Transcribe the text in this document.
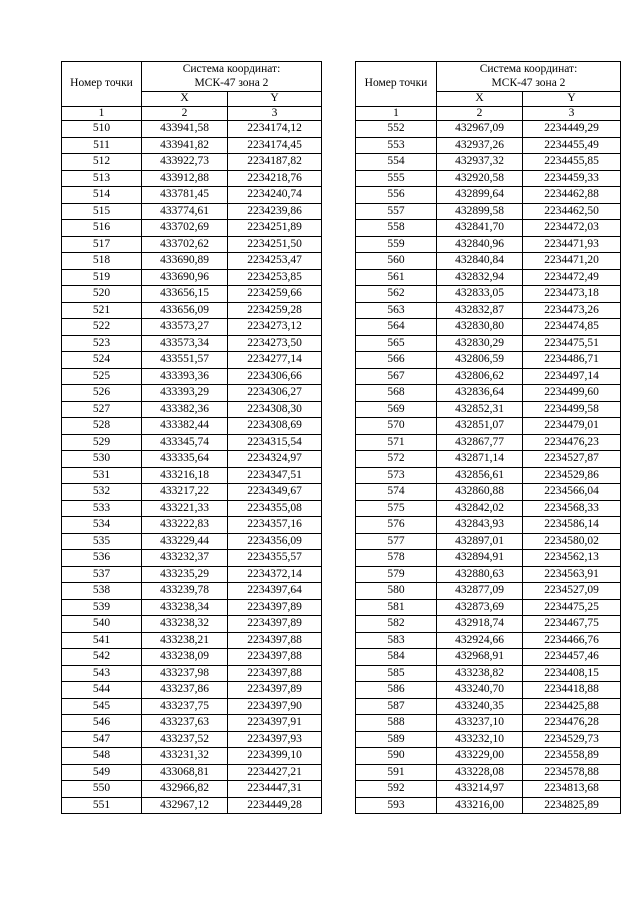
Номер точки	Система координат:
МСК-47 зона 2	

	X	Y
1	2	3
510	433941,58	2234174,12
511	433941,82	2234174,45
512	433922,73	2234187,82
513	433912,88	2234218,76
514	433781,45	2234240,74
515	433774,61	2234239,86
516	433702,69	2234251,89
517	433702,62	2234251,50
518	433690,89	2234253,47
519	433690,96	2234253,85
520	433656,15	2234259,66
521	433656,09	2234259,28
522	433573,27	2234273,12
523	433573,34	2234273,50
524	433551,57	2234277,14
525	433393,36	2234306,66
526	433393,29	2234306,27
527	433382,36	2234308,30
528	433382,44	2234308,69
529	433345,74	2234315,54
530	433335,64	2234324,97
531	433216,18	2234347,51
532	433217,22	2234349,67
533	433221,33	2234355,08
534	433222,83	2234357,16
535	433229,44	2234356,09
536	433232,37	2234355,57
537	433235,29	2234372,14
538	433239,78	2234397,64
539	433238,34	2234397,89
540	433238,32	2234397,89
541	433238,21	2234397,88
542	433238,09	2234397,88
543	433237,98	2234397,88
544	433237,86	2234397,89
545	433237,75	2234397,90
546	433237,63	2234397,91
547	433237,52	2234397,93
548	433231,32	2234399,10
549	433068,81	2234427,21
550	432966,82	2234447,31
551	432967,12	2234449,28
Номер точки	Система координат:
МСК-47 зона 2	

	X	Y
1	2	3
552	432967,09	2234449,29
553	432937,26	2234455,49
554	432937,32	2234455,85
555	432920,58	2234459,33
556	432899,64	2234462,88
557	432899,58	2234462,50
558	432841,70	2234472,03
559	432840,96	2234471,93
560	432840,84	2234471,20
561	432832,94	2234472,49
562	432833,05	2234473,18
563	432832,87	2234473,26
564	432830,80	2234474,85
565	432830,29	2234475,51
566	432806,59	2234486,71
567	432806,62	2234497,14
568	432836,64	2234499,60
569	432852,31	2234499,58
570	432851,07	2234479,01
571	432867,77	2234476,23
572	432871,14	2234527,87
573	432856,61	2234529,86
574	432860,88	2234566,04
575	432842,02	2234568,33
576	432843,93	2234586,14
577	432897,01	2234580,02
578	432894,91	2234562,13
579	432880,63	2234563,91
580	432877,09	2234527,09
581	432873,69	2234475,25
582	432918,74	2234467,75
583	432924,66	2234466,76
584	432968,91	2234457,46
585	433238,82	2234408,15
586	433240,70	2234418,88
587	433240,35	2234425,88
588	433237,10	2234476,28
589	433232,10	2234529,73
590	433229,00	2234558,89
591	433228,08	2234578,88
592	433214,97	2234813,68
593	433216,00	2234825,89
